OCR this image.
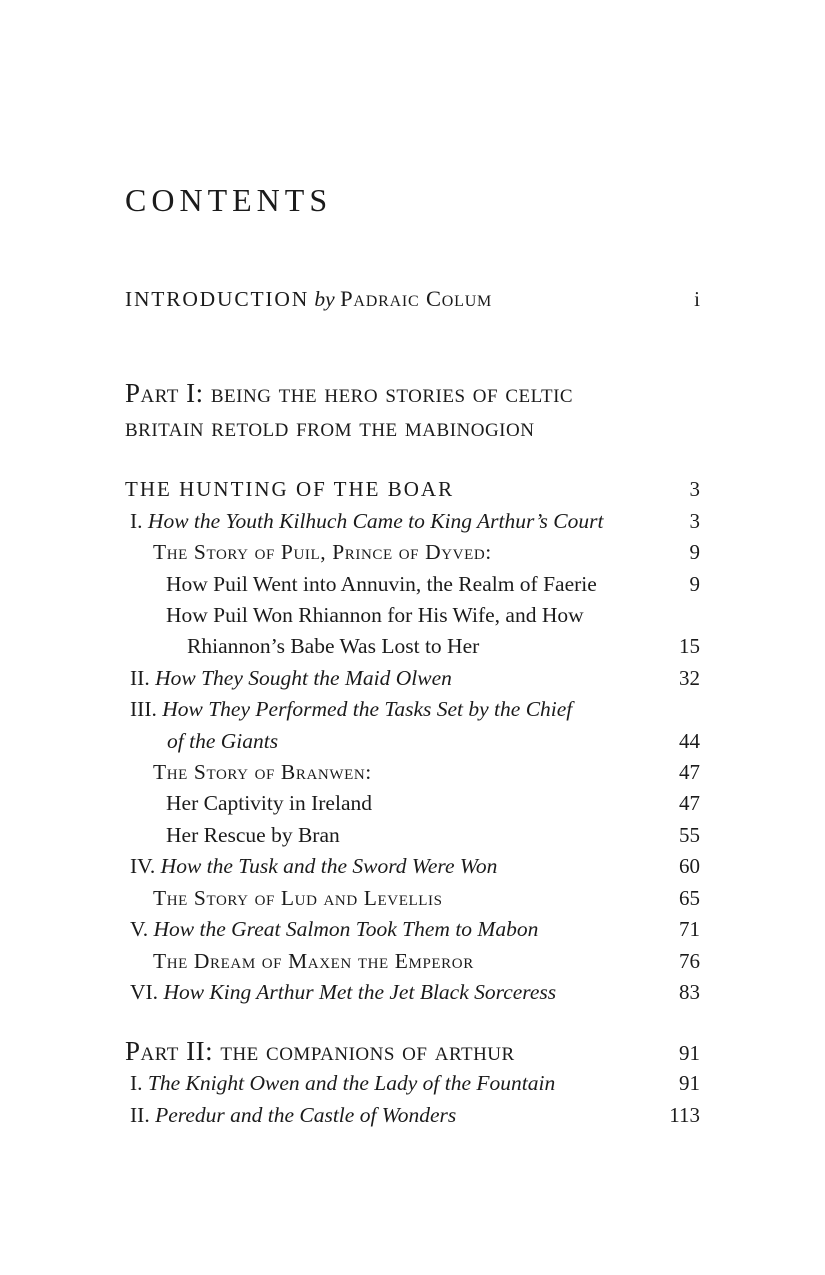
CONTENTS
INTRODUCTION by Padraic Colum	i
Part I: being the hero stories of celtic
britain retold from the mabinogion
THE HUNTING OF THE BOAR	3
I. How the Youth Kilhuch Came to King Arthur’s Court	3
The Story of Puil, Prince of Dyved:	9
How Puil Went into Annuvin, the Realm of Faerie	9
How Puil Won Rhiannon for His Wife, and How
Rhiannon’s Babe Was Lost to Her	15
II. How They Sought the Maid Olwen	32
III. How They Performed the Tasks Set by the Chief
of the Giants	44
The Story of Branwen:	47
Her Captivity in Ireland	47
Her Rescue by Bran	55
IV. How the Tusk and the Sword Were Won	60
The Story of Lud and Levellis	65
V. How the Great Salmon Took Them to Mabon	71
The Dream of Maxen the Emperor	76
VI. How King Arthur Met the Jet Black Sorceress	83
Part II: the companions of arthur	91
I. The Knight Owen and the Lady of the Fountain	91
II. Peredur and the Castle of Wonders	113
